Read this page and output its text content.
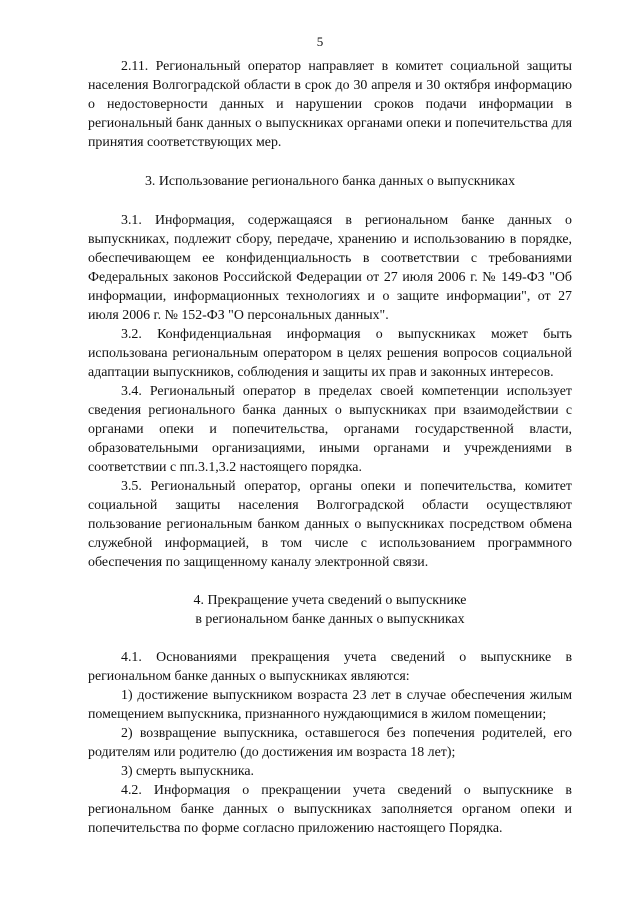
5

2.11. Региональный оператор направляет в комитет социальной защиты населения Волгоградской области в срок до 30 апреля и 30 октября информацию о недостоверности данных и нарушении сроков подачи информации в региональный банк данных о выпускниках органами опеки и попечительства для принятия соответствующих мер.

3. Использование регионального банка данных о выпускниках

3.1. Информация, содержащаяся в региональном банке данных о выпускниках, подлежит сбору, передаче, хранению и использованию в порядке, обеспечивающем ее конфиденциальность в соответствии с требованиями Федеральных законов Российской Федерации от 27 июля 2006 г. № 149-ФЗ "Об информации, информационных технологиях и о защите информации", от 27 июля 2006 г. № 152-ФЗ "О персональных данных".

3.2. Конфиденциальная информация о выпускниках может быть использована региональным оператором в целях решения вопросов социальной адаптации выпускников, соблюдения и защиты их прав и законных интересов.

3.4. Региональный оператор в пределах своей компетенции использует сведения регионального банка данных о выпускниках при взаимодействии с органами опеки и попечительства, органами государственной власти, образовательными организациями, иными органами и учреждениями в соответствии с пп.3.1,3.2 настоящего порядка.

3.5. Региональный оператор, органы опеки и попечительства, комитет социальной защиты населения Волгоградской области осуществляют пользование региональным банком данных о выпускниках посредством обмена служебной информацией, в том числе с использованием программного обеспечения по защищенному каналу электронной связи.

4. Прекращение учета сведений о выпускнике

в региональном банке данных о выпускниках

4.1. Основаниями прекращения учета сведений о выпускнике в региональном банке данных о выпускниках являются:

1) достижение выпускником возраста 23 лет в случае обеспечения жилым помещением выпускника, признанного нуждающимися в жилом помещении;

2) возвращение выпускника, оставшегося без попечения родителей, его родителям или родителю (до достижения им возраста 18 лет);

3) смерть выпускника.

4.2. Информация о прекращении учета сведений о выпускнике в региональном банке данных о выпускниках заполняется органом опеки и попечительства по форме согласно приложению настоящего Порядка.
